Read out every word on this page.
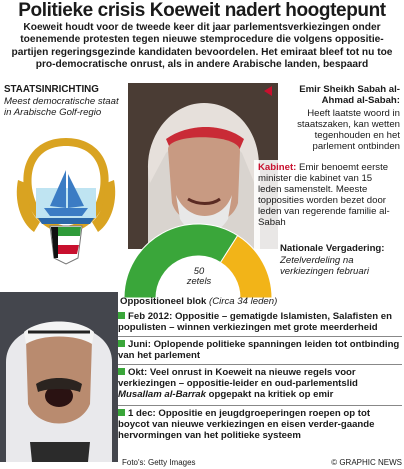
Politieke crisis Koeweit nadert hoogtepunt
Koeweit houdt voor de tweede keer dit jaar parlementsverkiezingen onder toenemende protesten tegen nieuwe stemprocedure die volgens oppositie-partijen regeringsgezinde kandidaten bevoordelen. Het emiraat bleef tot nu toe pro-democratische onrust, als in andere Arabische landen, bespaard
STAATSINRICHTING
Meest democratische staat in Arabische Golf-regio
Emir Sheikh Sabah al-Ahmad al-Sabah:
Heeft laatste woord in staatszaken, kan wetten tegenhouden en het parlement ontbinden
Kabinet: Emir benoemt eerste minister die kabinet van 15 leden samenstelt. Meeste topposities worden bezet door leden van regerende familie al-Sabah
50 zetels
Nationale Vergadering:
Zetelverdeling na verkiezingen februari
Oppositioneel blok (Circa 34 leden)
Feb 2012: Oppositie – gematigde Islamisten, Salafisten en populisten – winnen verkiezingen met grote meerderheid
Juni: Oplopende politieke spanningen leiden tot ontbinding van het parlement
Okt: Veel onrust in Koeweit na nieuwe regels voor verkiezingen – oppositie-leider en oud-parlementslid Musallam al-Barrak opgepakt na kritiek op emir
1 dec: Oppositie en jeugdgroeperingen roepen op tot boycot van nieuwe verkiezingen en eisen verder-gaande hervormingen van het politieke systeem
Foto's: Getty Images	© GRAPHIC NEWS
